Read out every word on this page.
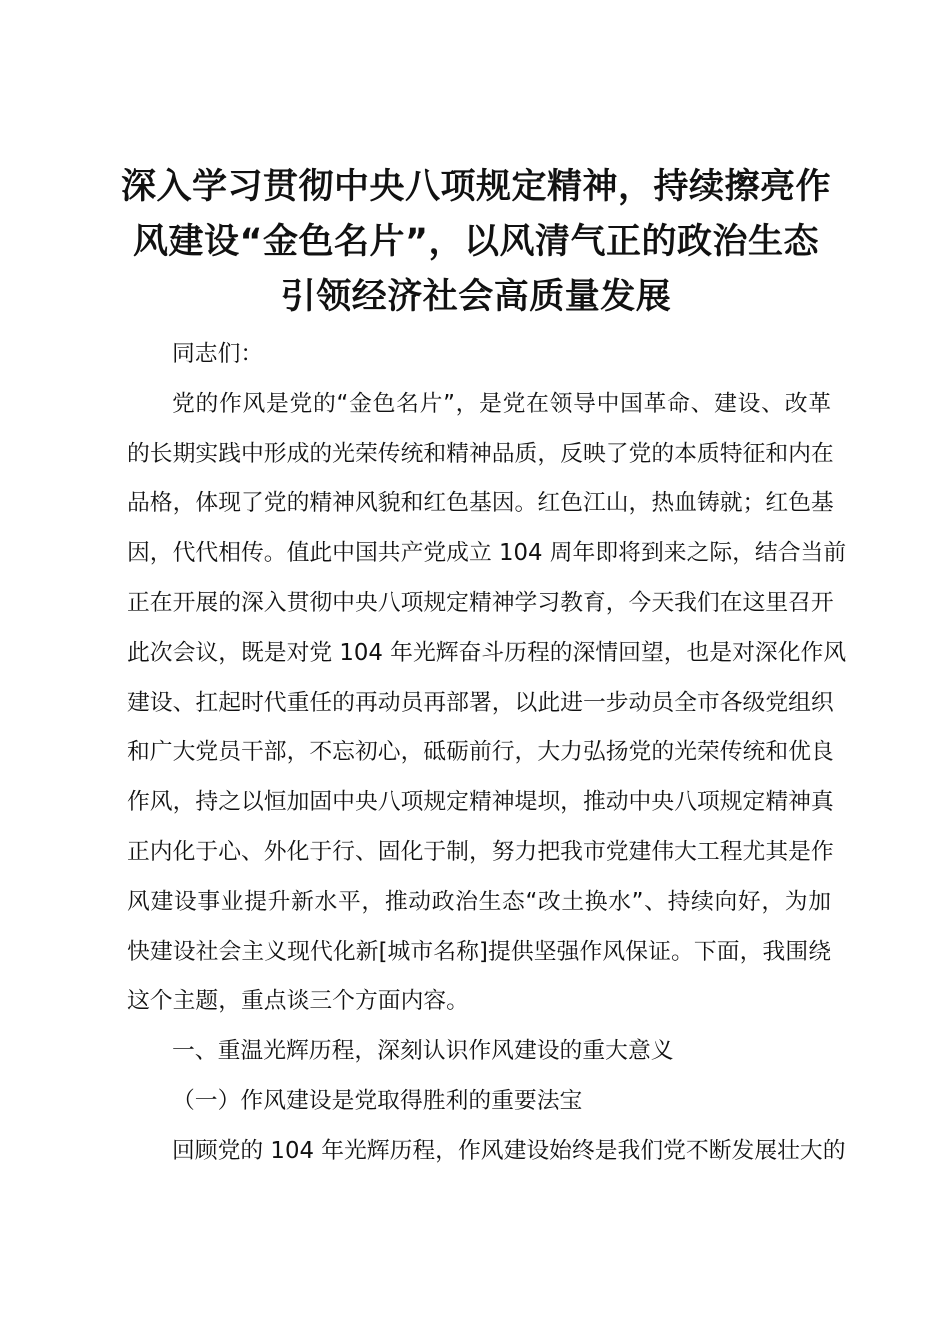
深入学习贯彻中央八项规定精神，持续擦亮作
风建设“金色名片”，以风清气正的政治生态
引领经济社会高质量发展

同志们：

党的作风是党的“金色名片”，是党在领导中国革命、建设、改革
的长期实践中形成的光荣传统和精神品质，反映了党的本质特征和内在
品格，体现了党的精神风貌和红色基因。红色江山，热血铸就；红色基
因，代代相传。值此中国共产党成立 104 周年即将到来之际，结合当前
正在开展的深入贯彻中央八项规定精神学习教育，今天我们在这里召开
此次会议，既是对党 104 年光辉奋斗历程的深情回望，也是对深化作风
建设、扛起时代重任的再动员再部署，以此进一步动员全市各级党组织
和广大党员干部，不忘初心，砥砺前行，大力弘扬党的光荣传统和优良
作风，持之以恒加固中央八项规定精神堤坝，推动中央八项规定精神真
正内化于心、外化于行、固化于制，努力把我市党建伟大工程尤其是作
风建设事业提升新水平，推动政治生态“改土换水”、持续向好，为加
快建设社会主义现代化新[城市名称]提供坚强作风保证。下面，我围绕
这个主题，重点谈三个方面内容。

一、重温光辉历程，深刻认识作风建设的重大意义

（一）作风建设是党取得胜利的重要法宝

回顾党的 104 年光辉历程，作风建设始终是我们党不断发展壮大的
